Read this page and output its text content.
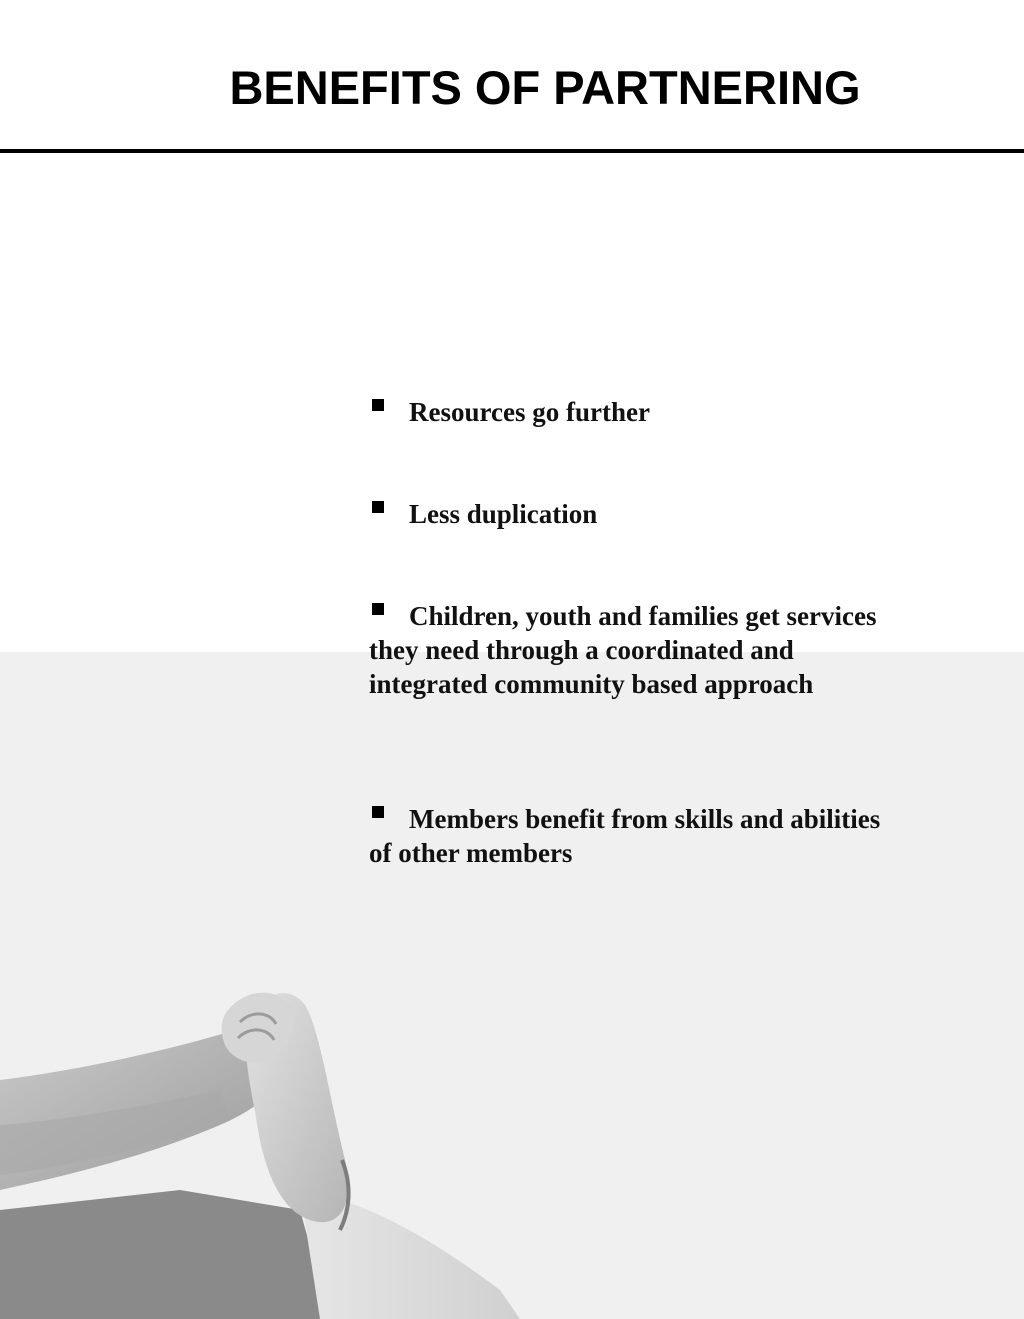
BENEFITS OF PARTNERING
Resources go further
Less duplication
Children, youth and families get services they need through a coordinated and integrated community based approach
Members benefit from skills and abilities of other members
